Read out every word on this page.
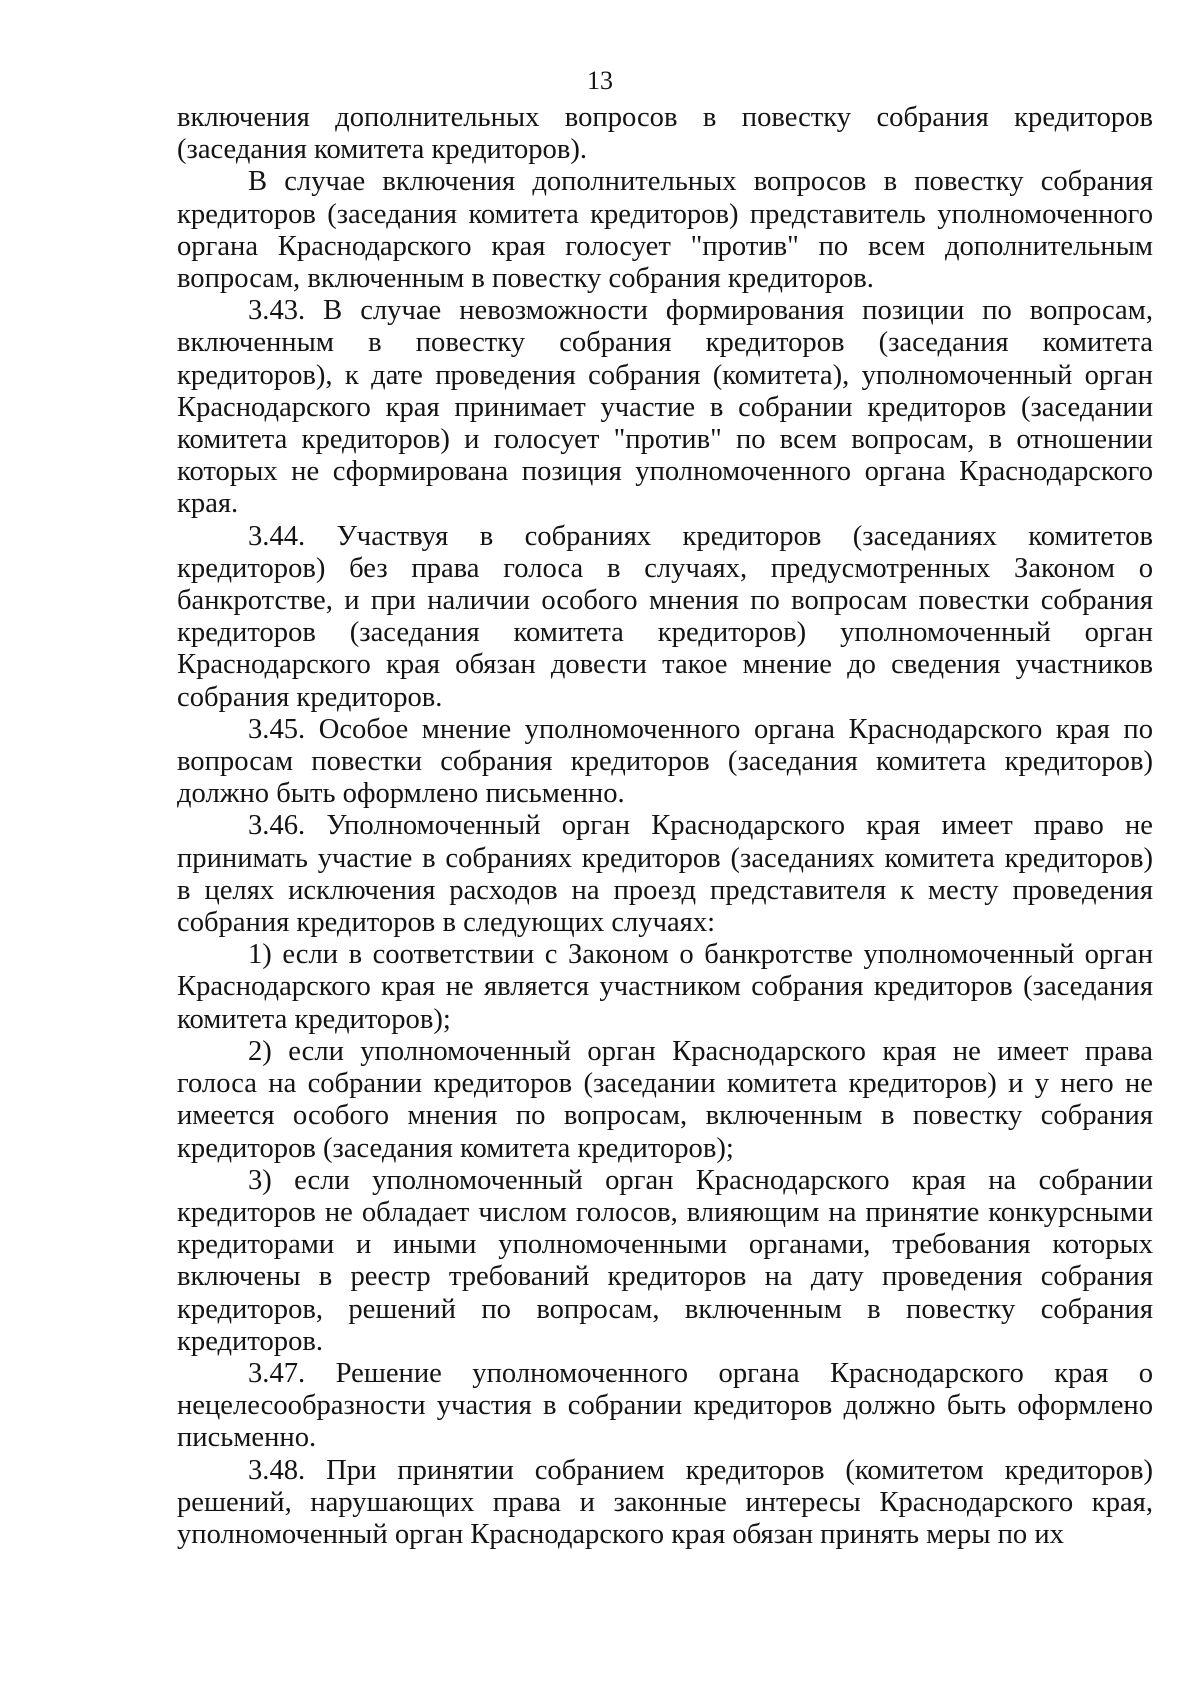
13

включения дополнительных вопросов в повестку собрания кредиторов (заседания комитета кредиторов).

В случае включения дополнительных вопросов в повестку собрания кредиторов (заседания комитета кредиторов) представитель уполномоченного органа Краснодарского края голосует "против" по всем дополнительным вопросам, включенным в повестку собрания кредиторов.

3.43. В случае невозможности формирования позиции по вопросам, включенным в повестку собрания кредиторов (заседания комитета кредиторов), к дате проведения собрания (комитета), уполномоченный орган Краснодарского края принимает участие в собрании кредиторов (заседании комитета кредиторов) и голосует "против" по всем вопросам, в отношении которых не сформирована позиция уполномоченного органа Краснодарского края.

3.44. Участвуя в собраниях кредиторов (заседаниях комитетов кредиторов) без права голоса в случаях, предусмотренных Законом о банкротстве, и при наличии особого мнения по вопросам повестки собрания кредиторов (заседания комитета кредиторов) уполномоченный орган Краснодарского края обязан довести такое мнение до сведения участников собрания кредиторов.

3.45. Особое мнение уполномоченного органа Краснодарского края по вопросам повестки собрания кредиторов (заседания комитета кредиторов) должно быть оформлено письменно.

3.46. Уполномоченный орган Краснодарского края имеет право не принимать участие в собраниях кредиторов (заседаниях комитета кредиторов) в целях исключения расходов на проезд представителя к месту проведения собрания кредиторов в следующих случаях:

1) если в соответствии с Законом о банкротстве уполномоченный орган Краснодарского края не является участником собрания кредиторов (заседания комитета кредиторов);

2) если уполномоченный орган Краснодарского края не имеет права голоса на собрании кредиторов (заседании комитета кредиторов) и у него не имеется особого мнения по вопросам, включенным в повестку собрания кредиторов (заседания комитета кредиторов);

3) если уполномоченный орган Краснодарского края на собрании кредиторов не обладает числом голосов, влияющим на принятие конкурсными кредиторами и иными уполномоченными органами, требования которых включены в реестр требований кредиторов на дату проведения собрания кредиторов, решений по вопросам, включенным в повестку собрания кредиторов.

3.47. Решение уполномоченного органа Краснодарского края о нецелесообразности участия в собрании кредиторов должно быть оформлено письменно.

3.48. При принятии собранием кредиторов (комитетом кредиторов) решений, нарушающих права и законные интересы Краснодарского края, уполномоченный орган Краснодарского края обязан принять меры по их
